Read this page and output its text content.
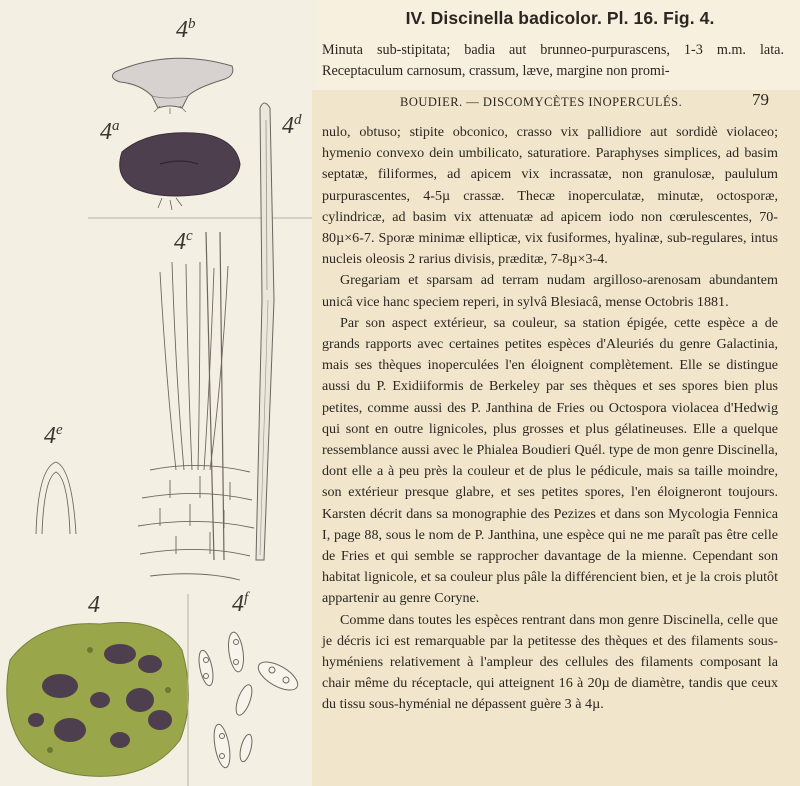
4$^b$
4$^a$	4$^d$
4$^c$
4e
4	4$^f$
IV. Discinella badicolor. Pl. 16. Fig. 4.

Minuta sub-stipitata; badia aut brunneo-purpurascens, 1-3 m.m. lata. Receptaculum carnosum, crassum, læve, margine non promi-

BOUDIER. — DISCOMYCÈTES INOPERCULÉS.	79

nulo, obtuso; stipite obconico, crasso vix pallidiore aut sordidè violaceo; hymenio convexo dein umbilicato, saturatiore. Paraphyses simplices, ad basim septatæ, filiformes, ad apicem vix incrassatæ, non granulosæ, paululum purpurascentes, 4-5µ crassæ. Thecæ inoperculatæ, minutæ, octosporæ, cylindricæ, ad basim vix attenuatæ ad apicem iodo non cœrulescentes, 70-80µ×6-7. Sporæ minimæ ellipticæ, vix fusiformes, hyalinæ, sub-regulares, intus nucleis oleosis 2 rarius divisis, præditæ, 7-8µ×3-4.

Gregariam et sparsam ad terram nudam argilloso-arenosam abundantem unicâ vice hanc speciem reperi, in sylvâ Blesiacâ, mense Octobris 1881.

Par son aspect extérieur, sa couleur, sa station épigée, cette espèce a de grands rapports avec certaines petites espèces d'Aleuriés du genre Galactinia, mais ses thèques inoperculées l'en éloignent complètement. Elle se distingue aussi du P. Exidiiformis de Berkeley par ses thèques et ses spores bien plus petites, comme aussi des P. Janthina de Fries ou Octospora violacea d'Hedwig qui sont en outre lignicoles, plus grosses et plus gélatineuses. Elle a quelque ressemblance aussi avec le Phialea Boudieri Quél. type de mon genre Discinella, dont elle a à peu près la couleur et de plus le pédicule, mais sa taille moindre, son extérieur presque glabre, et ses petites spores, l'en éloigneront toujours. Karsten décrit dans sa monographie des Pezizes et dans son Mycologia Fennica I, page 88, sous le nom de P. Janthina, une espèce qui ne me paraît pas être celle de Fries et qui semble se rapprocher davantage de la mienne. Cependant son habitat lignicole, et sa couleur plus pâle la différencient bien, et je la crois plutôt appartenir au genre Coryne.

Comme dans toutes les espèces rentrant dans mon genre Discinella, celle que je décris ici est remarquable par la petitesse des thèques et des filaments sous-hyméniens relativement à l'ampleur des cellules des filaments composant la chair même du réceptacle, qui atteignent 16 à 20µ de diamètre, tandis que ceux du tissu sous-hyménial ne dépassent guère 3 à 4µ.
